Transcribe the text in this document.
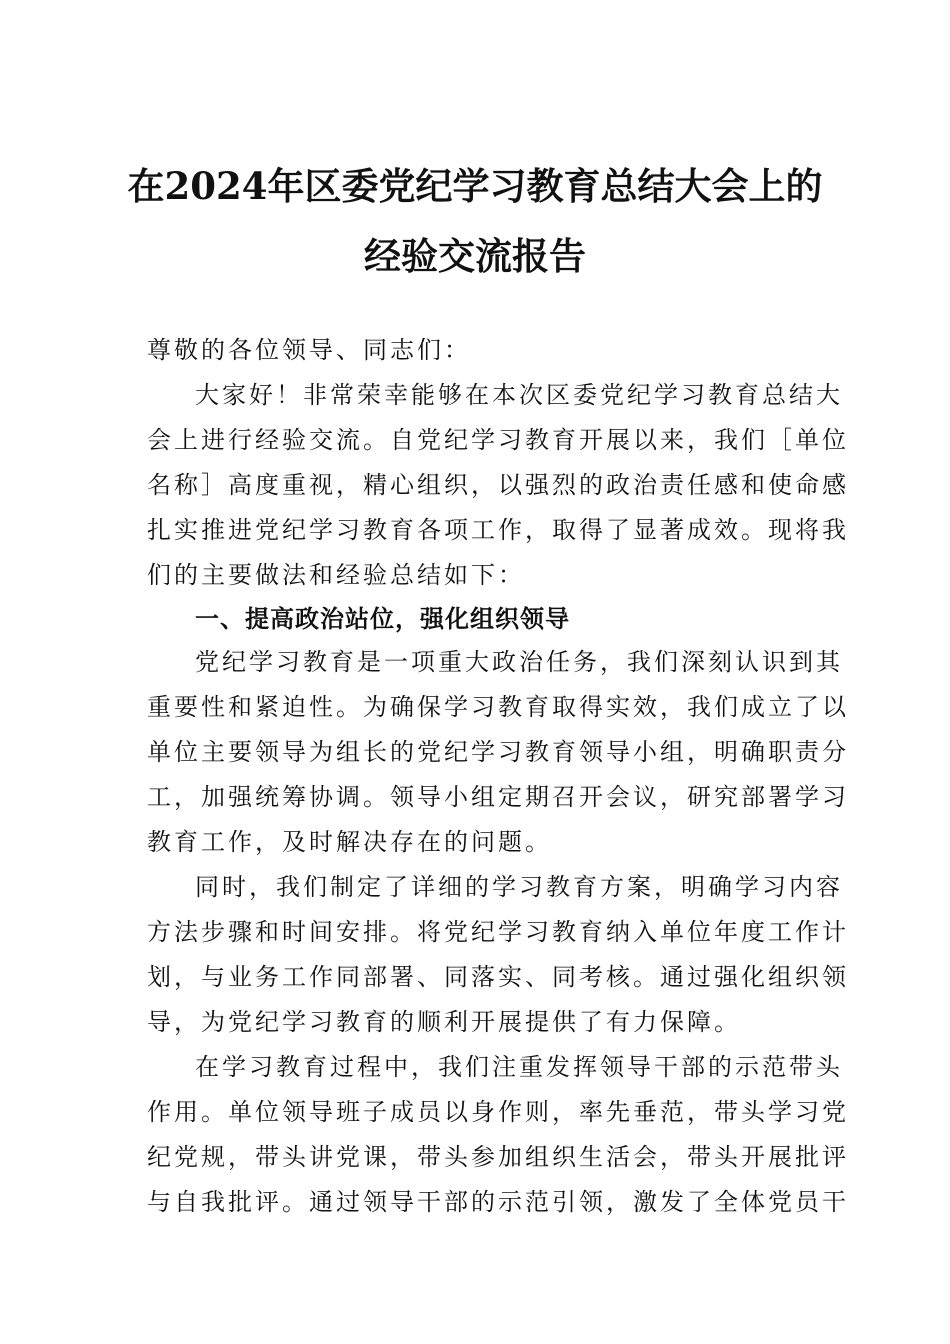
在2024年区委党纪学习教育总结大会上的
经验交流报告
尊敬的各位领导、同志们：
大家好！非常荣幸能够在本次区委党纪学习教育总结大
会上进行经验交流。自党纪学习教育开展以来，我们［单位
名称］高度重视，精心组织，以强烈的政治责任感和使命感
扎实推进党纪学习教育各项工作，取得了显著成效。现将我
们的主要做法和经验总结如下：
一、提高政治站位，强化组织领导
党纪学习教育是一项重大政治任务，我们深刻认识到其
重要性和紧迫性。为确保学习教育取得实效，我们成立了以
单位主要领导为组长的党纪学习教育领导小组，明确职责分
工，加强统筹协调。领导小组定期召开会议，研究部署学习
教育工作，及时解决存在的问题。
同时，我们制定了详细的学习教育方案，明确学习内容
方法步骤和时间安排。将党纪学习教育纳入单位年度工作计
划，与业务工作同部署、同落实、同考核。通过强化组织领
导，为党纪学习教育的顺利开展提供了有力保障。
在学习教育过程中，我们注重发挥领导干部的示范带头
作用。单位领导班子成员以身作则，率先垂范，带头学习党
纪党规，带头讲党课，带头参加组织生活会，带头开展批评
与自我批评。通过领导干部的示范引领，激发了全体党员干
